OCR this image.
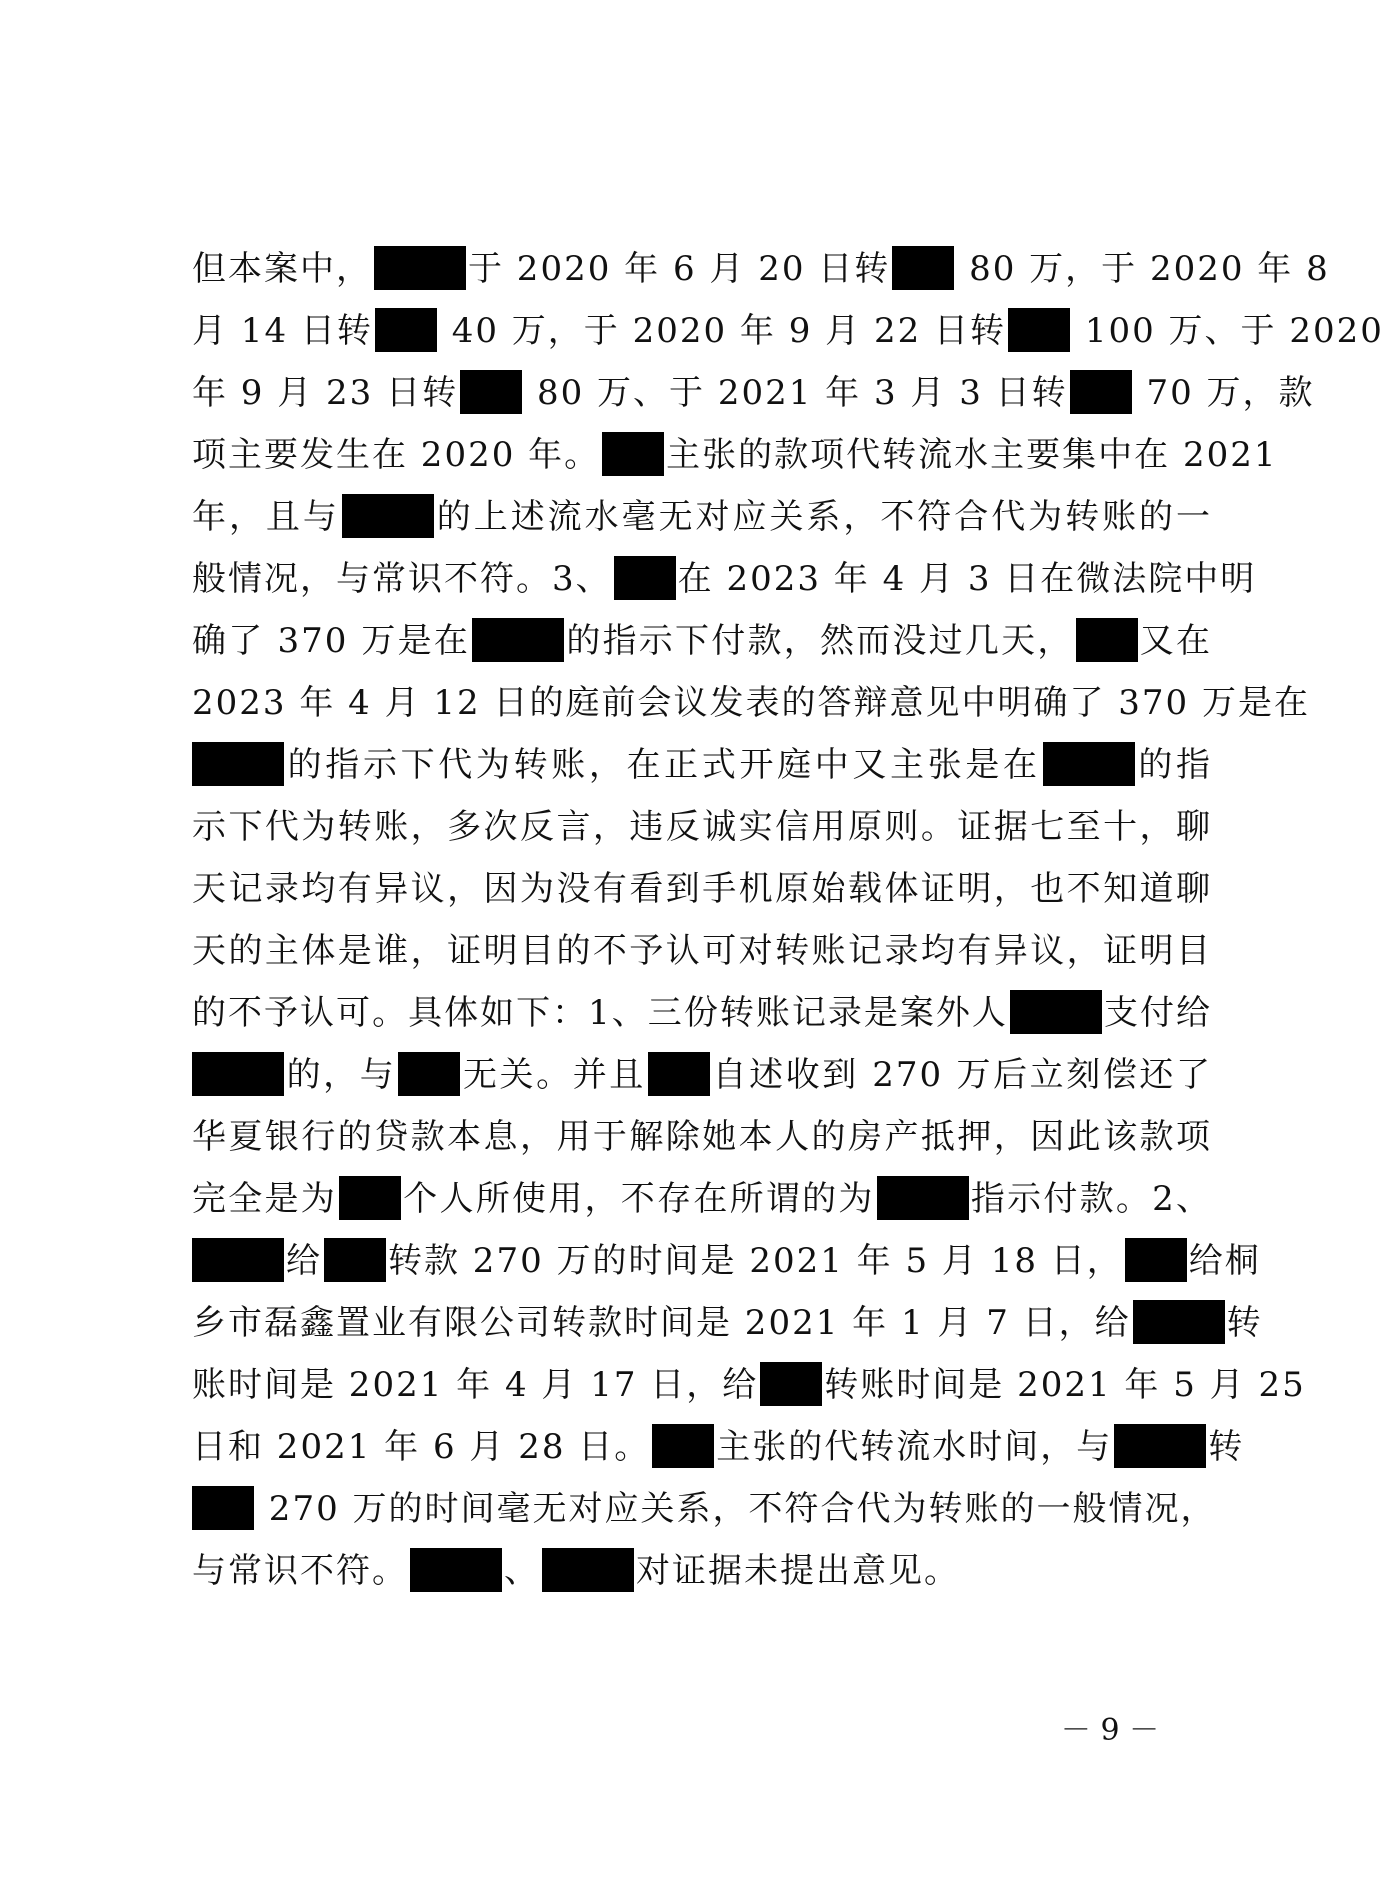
但本案中，	于 2020 年 6 月 20 日转 80 万，于 2020 年 8
月 14 日转 40 万，于 2020 年 9 月 22 日转 100 万、于 2020
年 9 月 23 日转 80 万、于 2021 年 3 月 3 日转 70 万，款
项主要发生在 2020 年。 主张的款项代转流水主要集中在 2021
年，且与	的上述流水毫无对应关系，不符合代为转账的一
般情况，与常识不符。3、 在 2023 年 4 月 3 日在微法院中明
确了 370 万是在	的指示下付款，然而没过几天， 又在
2023 年 4 月 12 日的庭前会议发表的答辩意见中明确了 370 万是在
的指示下代为转账，在正式开庭中又主张是在	的指
示下代为转账，多次反言，违反诚实信用原则。证据七至十，聊
天记录均有异议，因为没有看到手机原始载体证明，也不知道聊
天的主体是谁，证明目的不予认可对转账记录均有异议，证明目
的不予认可。具体如下：1、三份转账记录是案外人	支付给
的，与 无关。并且 自述收到 270 万后立刻偿还了
华夏银行的贷款本息，用于解除她本人的房产抵押，因此该款项
完全是为 个人所使用，不存在所谓的为	指示付款。2、
给 转款 270 万的时间是 2021 年 5 月 18 日， 给桐
乡市磊鑫置业有限公司转款时间是 2021 年 1 月 7 日，给	转
账时间是 2021 年 4 月 17 日，给 转账时间是 2021 年 5 月 25
日和 2021 年 6 月 28 日。 主张的代转流水时间，与	转
270 万的时间毫无对应关系，不符合代为转账的一般情况，
与常识不符。	、	对证据未提出意见。
－ 9 －
